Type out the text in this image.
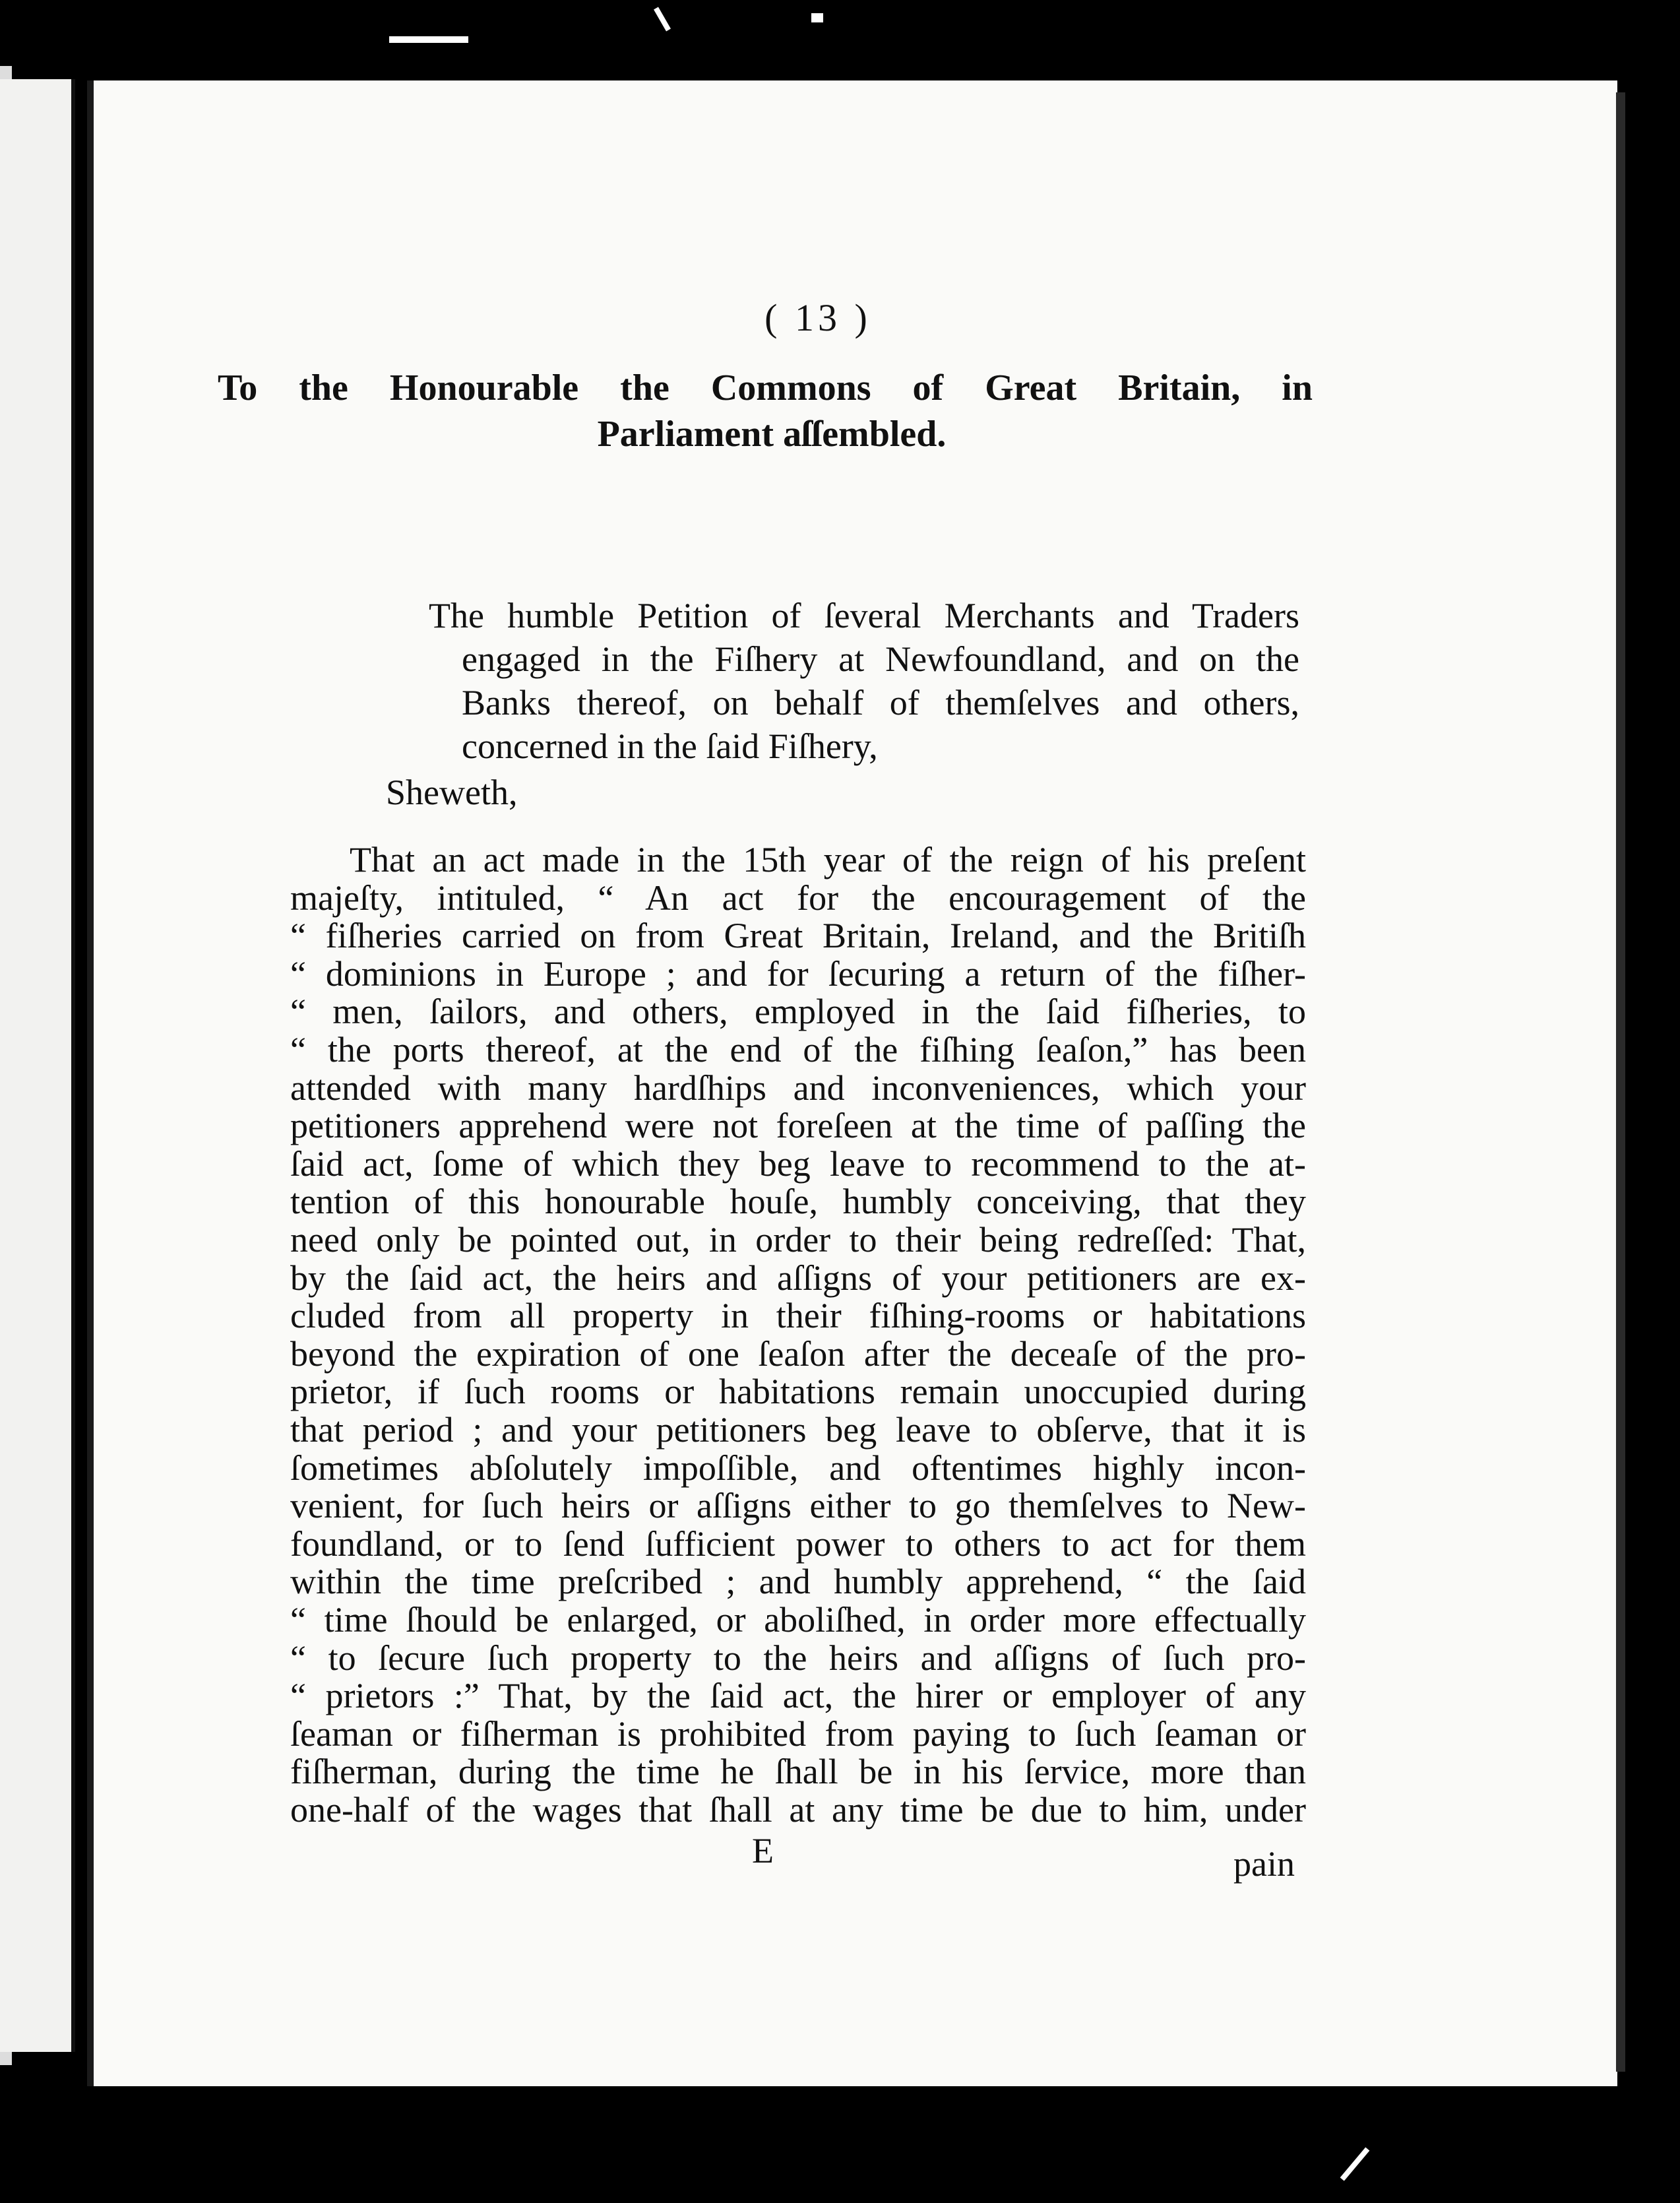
( 13 )
To the Honourable the Commons of Great Britain, in
Parliament aſſembled.
The humble Petition of ſeveral Merchants and Traders
engaged in the Fiſhery at Newfoundland, and on the
Banks thereof, on behalf of themſelves and others,
concerned in the ſaid Fiſhery,
Sheweth,
That an act made in the 15th year of the reign of his preſent
majeſty, intituled, “ An act for the encouragement of the
“ fiſheries carried on from Great Britain, Ireland, and the Britiſh
“ dominions in Europe ; and for ſecuring a return of the fiſher-
“ men, ſailors, and others, employed in the ſaid fiſheries, to
“ the ports thereof, at the end of the fiſhing ſeaſon,” has been
attended with many hardſhips and inconveniences, which your
petitioners apprehend were not foreſeen at the time of paſſing the
ſaid act, ſome of which they beg leave to recommend to the at-
tention of this honourable houſe, humbly conceiving, that they
need only be pointed out, in order to their being redreſſed: That,
by the ſaid act, the heirs and aſſigns of your petitioners are ex-
cluded from all property in their fiſhing-rooms or habitations
beyond the expiration of one ſeaſon after the deceaſe of the pro-
prietor, if ſuch rooms or habitations remain unoccupied during
that period ; and your petitioners beg leave to obſerve, that it is
ſometimes abſolutely impoſſible, and oftentimes highly incon-
venient, for ſuch heirs or aſſigns either to go themſelves to New-
foundland, or to ſend ſufficient power to others to act for them
within the time preſcribed ; and humbly apprehend, “ the ſaid
“ time ſhould be enlarged, or aboliſhed, in order more effectually
“ to ſecure ſuch property to the heirs and aſſigns of ſuch pro-
“ prietors :” That, by the ſaid act, the hirer or employer of any
ſeaman or fiſherman is prohibited from paying to ſuch ſeaman or
fiſherman, during the time he ſhall be in his ſervice, more than
one-half of the wages that ſhall at any time be due to him, under
E	pain
